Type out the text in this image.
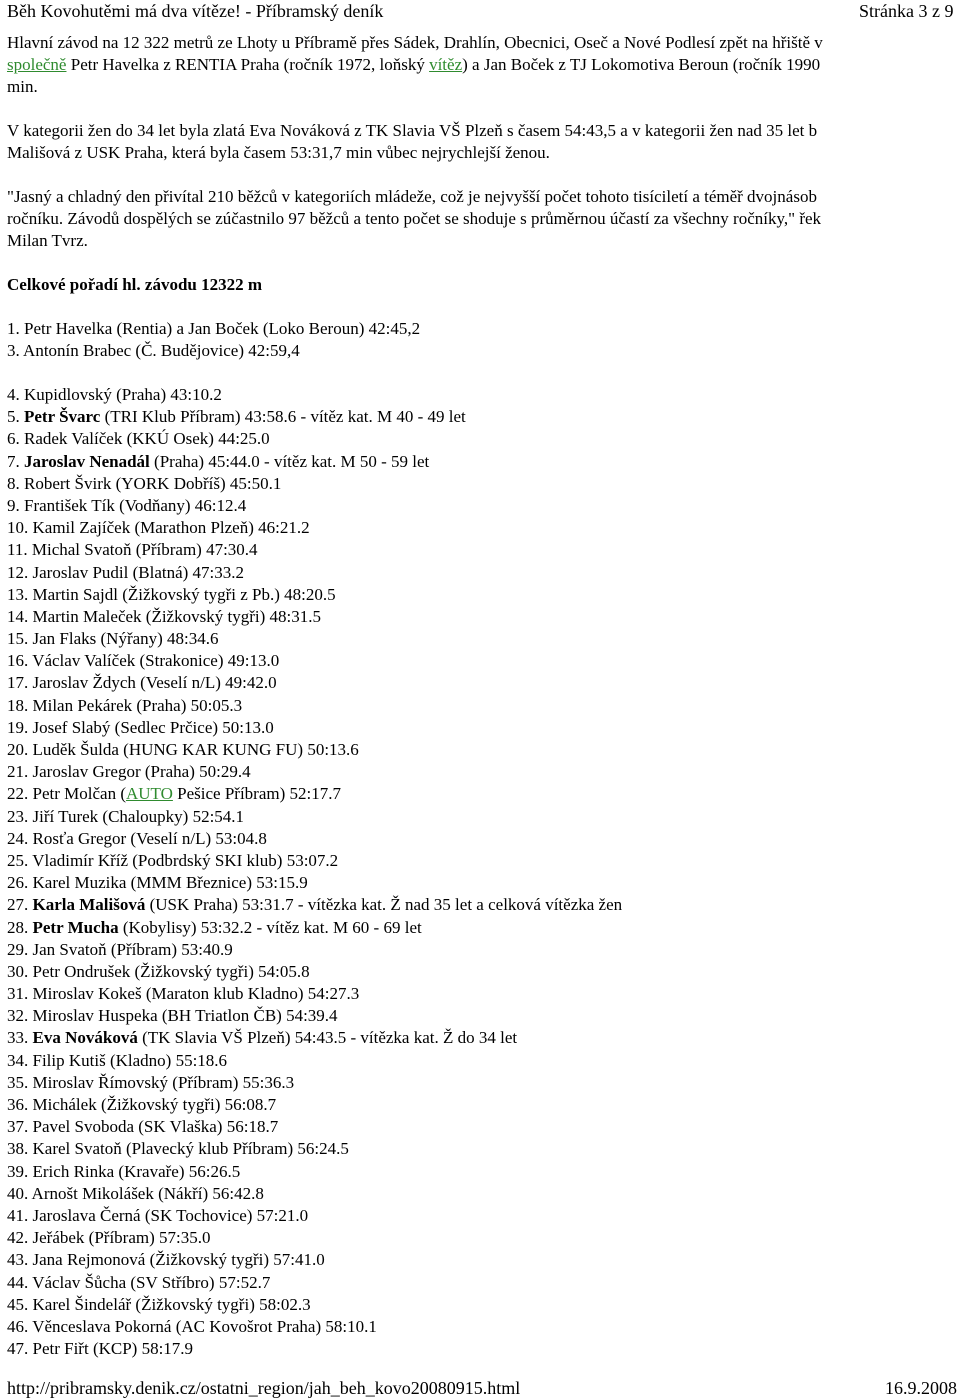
Běh Kovohutěmi má dva vítěze! - Příbramský deník	Stránka 3 z 9
Hlavní závod na 12 322 metrů ze Lhoty u Příbramě přes Sádek, Drahlín, Obecnici, Oseč a Nové Podlesí zpět na hřiště v
společně Petr Havelka z RENTIA Praha (ročník 1972, loňský vítěz) a Jan Boček z TJ Lokomotiva Beroun (ročník 1990
min.
V kategorii žen do 34 let byla zlatá Eva Nováková z TK Slavia VŠ Plzeň s časem 54:43,5 a v kategorii žen nad 35 let b
Mališová z USK Praha, která byla časem 53:31,7 min vůbec nejrychlejší ženou.
"Jasný a chladný den přivítal 210 běžců v kategoriích mládeže, což je nejvyšší počet tohoto tisíciletí a téměř dvojnásob
ročníku. Závodů dospělých se zúčastnilo 97 běžců a tento počet se shoduje s průměrnou účastí za všechny ročníky," řek
Milan Tvrz.
Celkové pořadí hl. závodu 12322 m
1. Petr Havelka (Rentia) a Jan Boček (Loko Beroun) 42:45,2
3. Antonín Brabec (Č. Budějovice) 42:59,4
4. Kupidlovský (Praha) 43:10.2
5. Petr Švarc (TRI Klub Příbram) 43:58.6 - vítěz kat. M 40 - 49 let
6. Radek Valíček (KKÚ Osek) 44:25.0
7. Jaroslav Nenadál (Praha) 45:44.0 - vítěz kat. M 50 - 59 let
8. Robert Švirk (YORK Dobříš) 45:50.1
9. František Tík (Vodňany) 46:12.4
10. Kamil Zajíček (Marathon Plzeň) 46:21.2
11. Michal Svatoň (Příbram) 47:30.4
12. Jaroslav Pudil (Blatná) 47:33.2
13. Martin Sajdl (Žižkovský tygři z Pb.) 48:20.5
14. Martin Maleček (Žižkovský tygři) 48:31.5
15. Jan Flaks (Nýřany) 48:34.6
16. Václav Valíček (Strakonice) 49:13.0
17. Jaroslav Ždych (Veselí n/L) 49:42.0
18. Milan Pekárek (Praha) 50:05.3
19. Josef Slabý (Sedlec Prčice) 50:13.0
20. Luděk Šulda (HUNG KAR KUNG FU) 50:13.6
21. Jaroslav Gregor (Praha) 50:29.4
22. Petr Molčan (AUTO Pešice Příbram) 52:17.7
23. Jiří Turek (Chaloupky) 52:54.1
24. Rosťa Gregor (Veselí n/L) 53:04.8
25. Vladimír Kříž (Podbrdský SKI klub) 53:07.2
26. Karel Muzika (MMM Březnice) 53:15.9
27. Karla Mališová (USK Praha) 53:31.7 - vítězka kat. Ž nad 35 let a celková vítězka žen
28. Petr Mucha (Kobylisy) 53:32.2 - vítěz kat. M 60 - 69 let
29. Jan Svatoň (Příbram) 53:40.9
30. Petr Ondrušek (Žižkovský tygři) 54:05.8
31. Miroslav Kokeš (Maraton klub Kladno) 54:27.3
32. Miroslav Huspeka (BH Triatlon ČB) 54:39.4
33. Eva Nováková (TK Slavia VŠ Plzeň) 54:43.5 - vítězka kat. Ž do 34 let
34. Filip Kutiš (Kladno) 55:18.6
35. Miroslav Římovský (Příbram) 55:36.3
36. Michálek (Žižkovský tygři) 56:08.7
37. Pavel Svoboda (SK Vlaška) 56:18.7
38. Karel Svatoň (Plavecký klub Příbram) 56:24.5
39. Erich Rinka (Kravaře) 56:26.5
40. Arnošt Mikolášek (Nákří) 56:42.8
41. Jaroslava Černá (SK Tochovice) 57:21.0
42. Jeřábek (Příbram) 57:35.0
43. Jana Rejmonová (Žižkovský tygři) 57:41.0
44. Václav Šůcha (SV Stříbro) 57:52.7
45. Karel Šindelář (Žižkovský tygři) 58:02.3
46. Věnceslava Pokorná (AC Kovošrot Praha) 58:10.1
47. Petr Fiřt (KCP) 58:17.9
http://pribramsky.denik.cz/ostatni_region/jah_beh_kovo20080915.html	16.9.2008
